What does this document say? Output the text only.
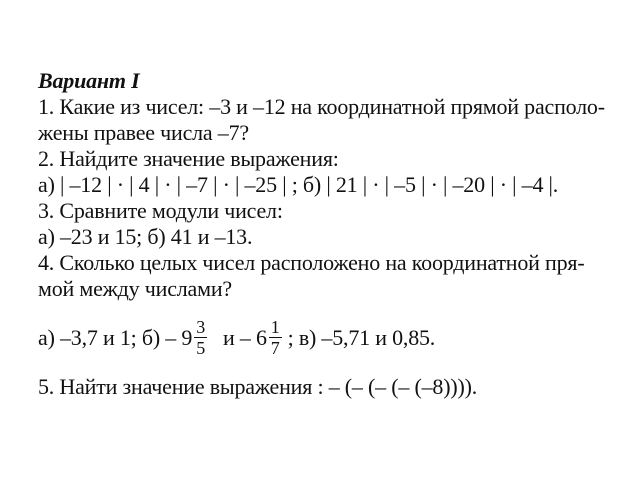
Вариант I
1. Какие из чисел: –3 и –12 на координатной прямой располо-
жены правее числа –7?
2. Найдите значение выражения:
а) | –12 | · | 4 | · | –7 | · | –25 | ; б) | 21 | · | –5 | · | –20 | · | –4 |.
3. Сравните модули чисел:
а) –23 и 15; б) 41 и –13.
4. Сколько целых чисел расположено на координатной пря-
мой между числами?
а) –3,7 и 1; $б) - 9 \frac{3}{5}$ и – $6 \frac{1}{7}$ ; в) –5,71 и 0,85.
5. Найти значение выражения : – (– (– (– (–8)))).
